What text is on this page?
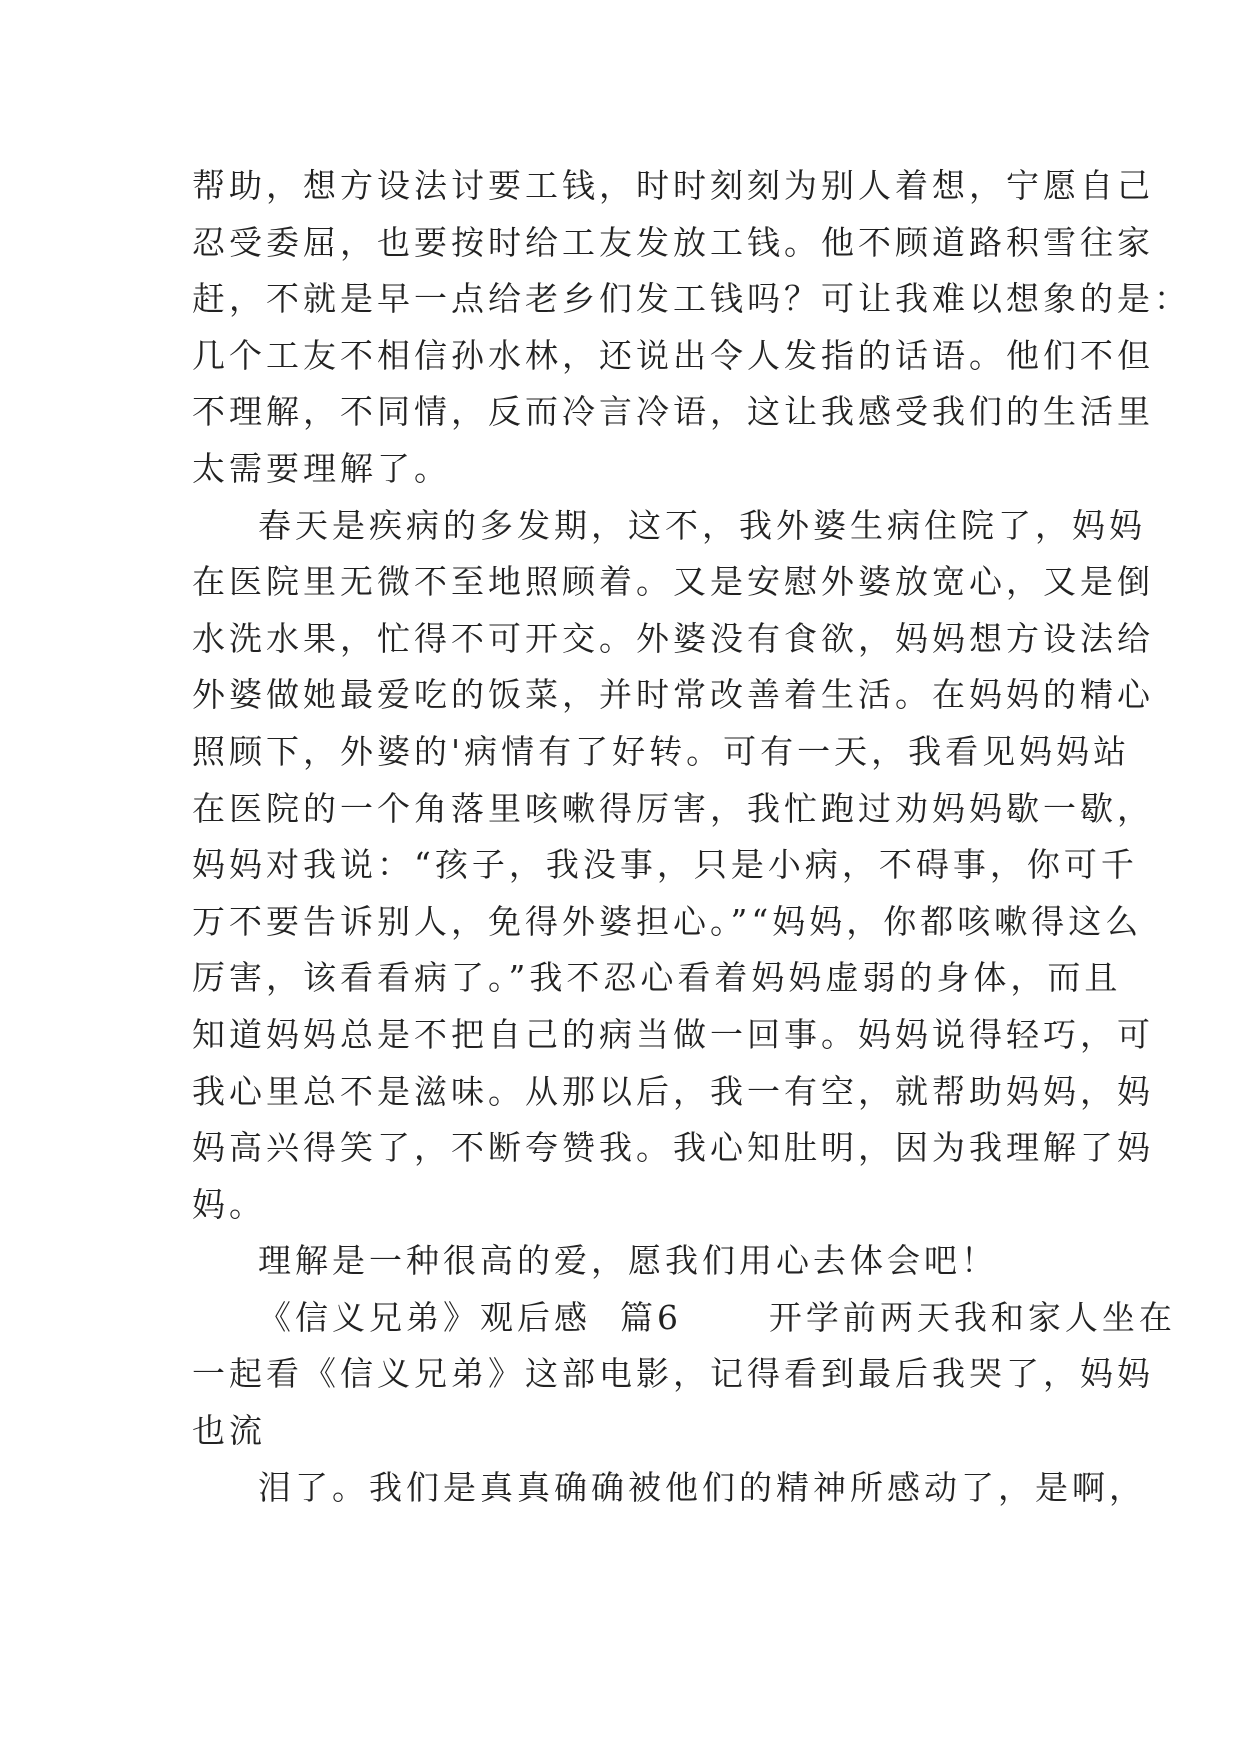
帮助，想方设法讨要工钱，时时刻刻为别人着想，宁愿自己
忍受委屈，也要按时给工友发放工钱。他不顾道路积雪往家
赶，不就是早一点给老乡们发工钱吗？可让我难以想象的是：
几个工友不相信孙水林，还说出令人发指的话语。他们不但
不理解，不同情，反而冷言冷语，这让我感受我们的生活里
太需要理解了。
春天是疾病的多发期，这不，我外婆生病住院了，妈妈
在医院里无微不至地照顾着。又是安慰外婆放宽心，又是倒
水洗水果，忙得不可开交。外婆没有食欲，妈妈想方设法给
外婆做她最爱吃的饭菜，并时常改善着生活。在妈妈的精心
照顾下，外婆的'病情有了好转。可有一天，我看见妈妈站
在医院的一个角落里咳嗽得厉害，我忙跑过劝妈妈歇一歇，
妈妈对我说：“孩子，我没事，只是小病，不碍事，你可千
万不要告诉别人，免得外婆担心。”“妈妈，你都咳嗽得这么
厉害，该看看病了。”我不忍心看着妈妈虚弱的身体，而且
知道妈妈总是不把自己的病当做一回事。妈妈说得轻巧，可
我心里总不是滋味。从那以后，我一有空，就帮助妈妈，妈
妈高兴得笑了，不断夸赞我。我心知肚明，因为我理解了妈
妈。
理解是一种很高的爱，愿我们用心去体会吧！
《信义兄弟》观后感  篇6      开学前两天我和家人坐在
一起看《信义兄弟》这部电影，记得看到最后我哭了，妈妈
也流
泪了。我们是真真确确被他们的精神所感动了，是啊，
